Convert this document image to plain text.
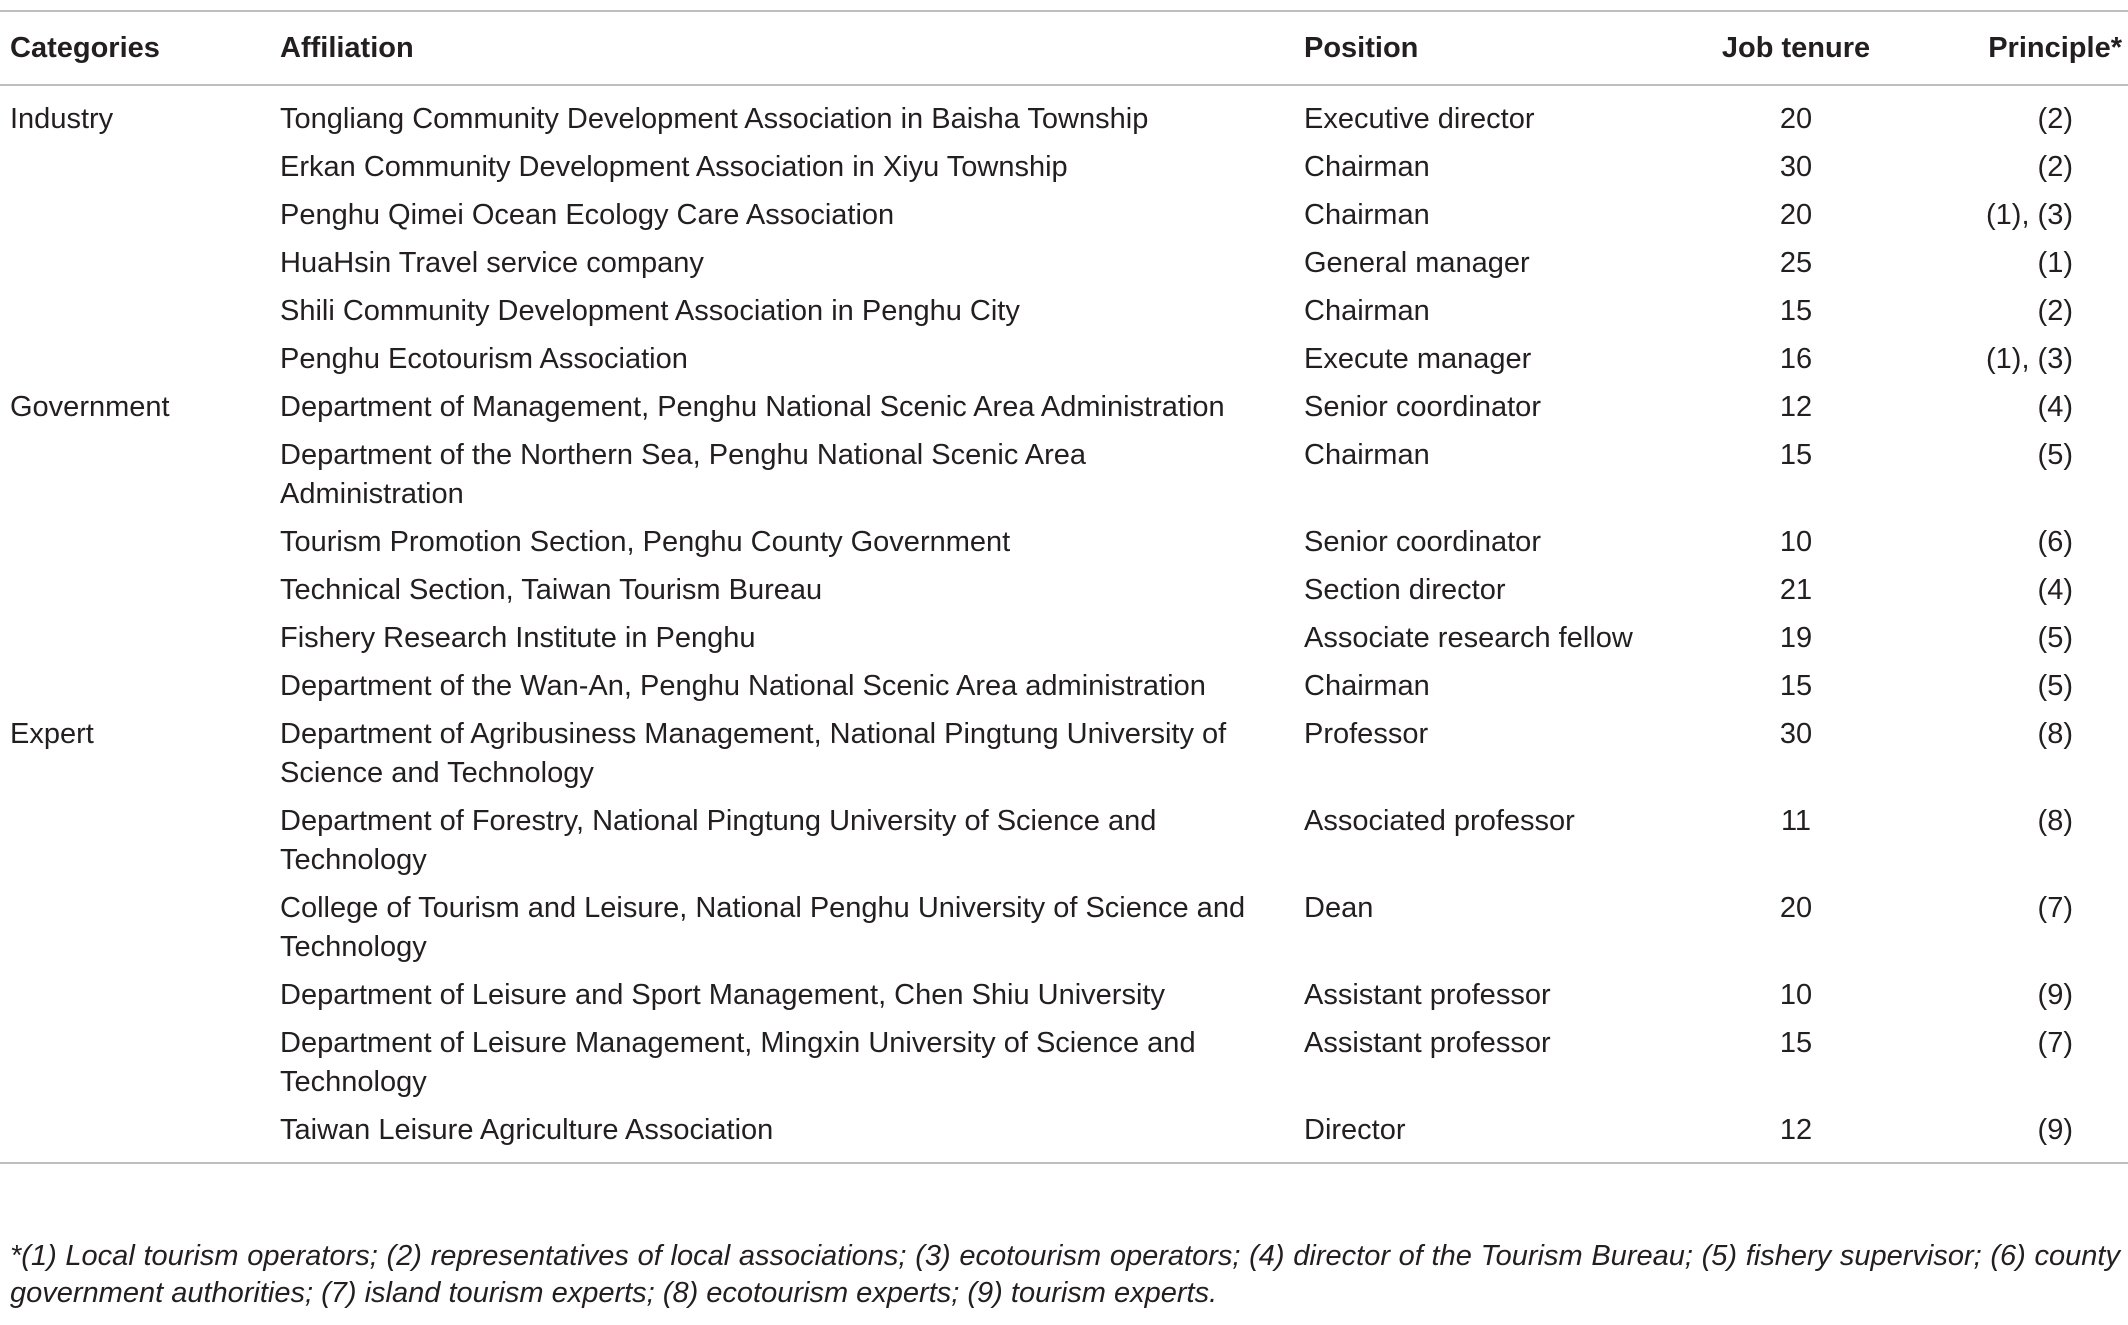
Categories	Affiliation	Position	Job tenure	Principle*
Industry	Tongliang Community Development Association in Baisha Township	Executive director	20	(2)
	Erkan Community Development Association in Xiyu Township	Chairman	30	(2)
	Penghu Qimei Ocean Ecology Care Association	Chairman	20	(1), (3)
	HuaHsin Travel service company	General manager	25	(1)
	Shili Community Development Association in Penghu City	Chairman	15	(2)
	Penghu Ecotourism Association	Execute manager	16	(1), (3)
Government	Department of Management, Penghu National Scenic Area Administration	Senior coordinator	12	(4)
	Department of the Northern Sea, Penghu National Scenic Area Administration	Chairman	15	(5)
	Tourism Promotion Section, Penghu County Government	Senior coordinator	10	(6)
	Technical Section, Taiwan Tourism Bureau	Section director	21	(4)
	Fishery Research Institute in Penghu	Associate research fellow	19	(5)
	Department of the Wan-An, Penghu National Scenic Area administration	Chairman	15	(5)
Expert	Department of Agribusiness Management, National Pingtung University of Science and Technology	Professor	30	(8)
	Department of Forestry, National Pingtung University of Science and Technology	Associated professor	11	(8)
	College of Tourism and Leisure, National Penghu University of Science and Technology	Dean	20	(7)
	Department of Leisure and Sport Management, Chen Shiu University	Assistant professor	10	(9)
	Department of Leisure Management, Mingxin University of Science and Technology	Assistant professor	15	(7)
	Taiwan Leisure Agriculture Association	Director	12	(9)
*(1) Local tourism operators; (2) representatives of local associations; (3) ecotourism operators; (4) director of the Tourism Bureau; (5) fishery supervisor; (6) county government authorities; (7) island tourism experts; (8) ecotourism experts; (9) tourism experts.
